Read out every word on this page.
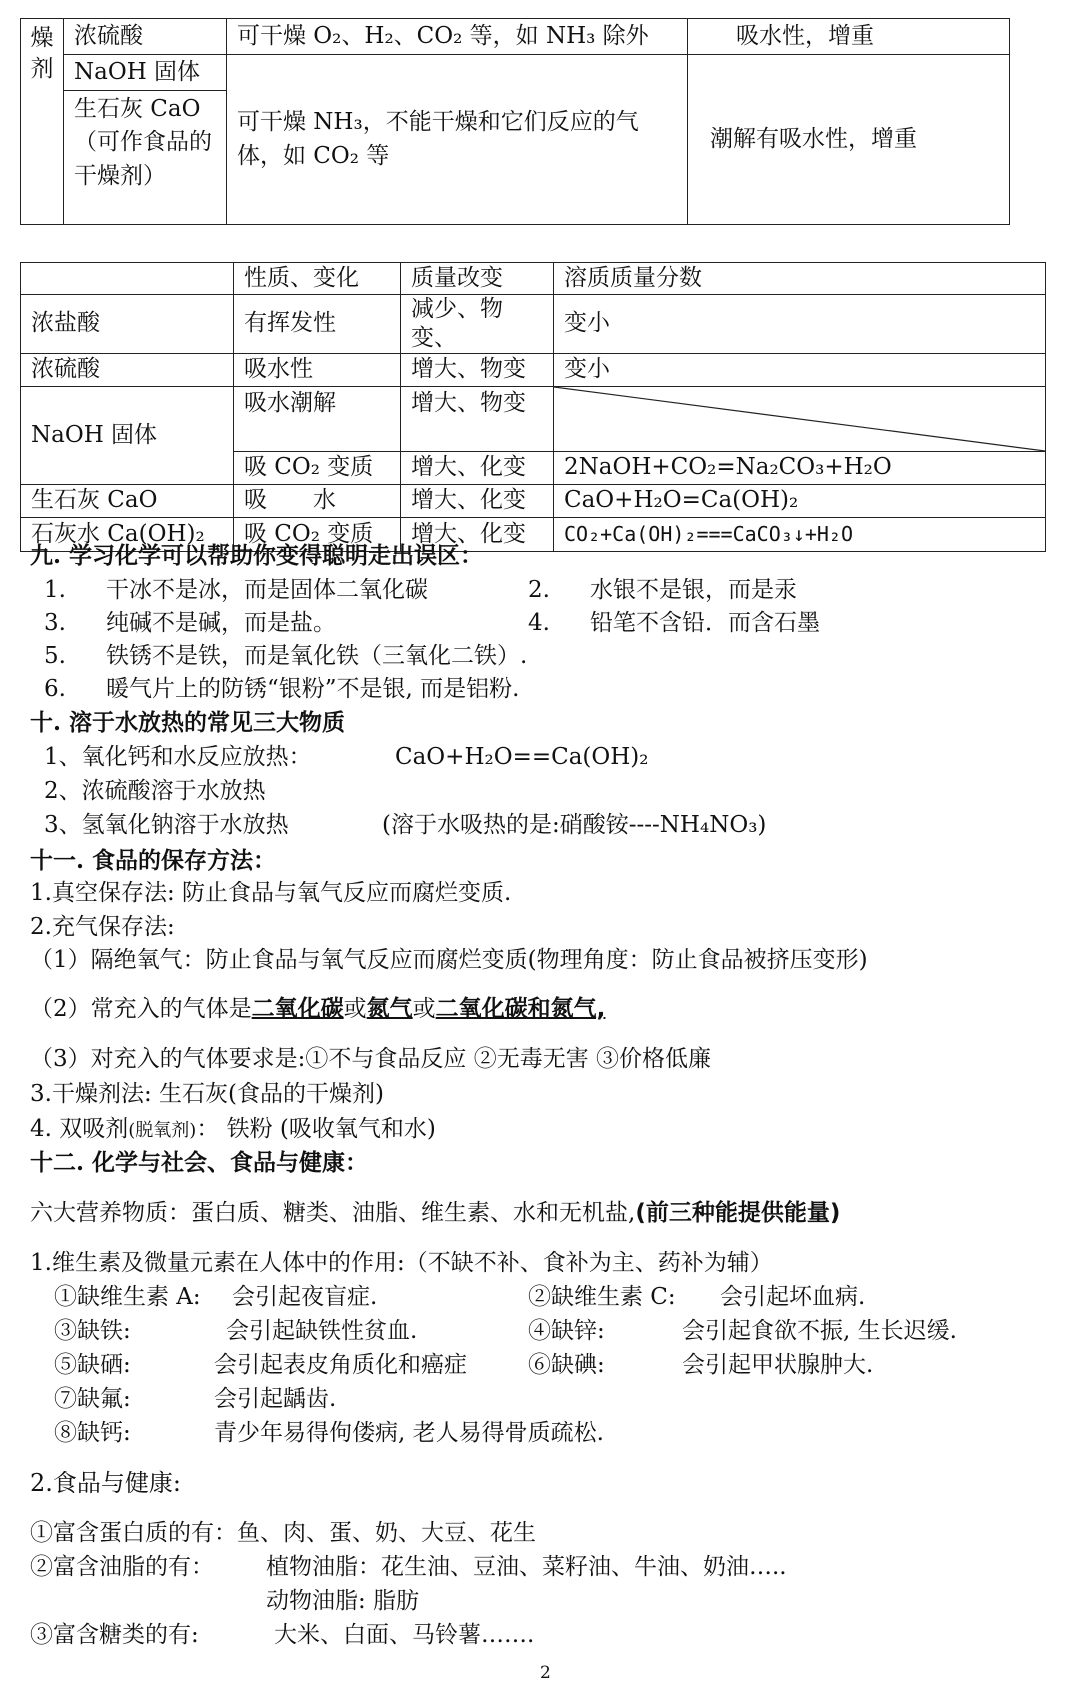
燥剂	浓硫酸	可干燥 O₂、H₂、CO₂ 等，如 NH₃ 除外	吸水性，增重
	NaOH 固体	可干燥 NH₃，不能干燥和它们反应的气体，如 CO₂ 等	潮解有吸水性，增重
	生石灰 CaO（可作食品的干燥剂）		
	性质、变化	质量改变	溶质质量分数
浓盐酸	有挥发性	减少、物变、	变小
浓硫酸	吸水性	增大、物变	变小
NaOH 固体	吸水潮解	增大、物变	

	吸 CO₂ 变质	增大、化变	2NaOH+CO₂=Na₂CO₃+H₂O
生石灰 CaO	吸　　水	增大、化变	CaO+H₂O=Ca(OH)₂
石灰水 Ca(OH)₂	吸 CO₂ 变质	增大、化变	CO₂+Ca(OH)₂===CaCO₃↓+H₂O
九. 学习化学可以帮助你变得聪明走出误区：
1. 干冰不是冰，而是固体二氧化碳	2. 水银不是银，而是汞
3. 纯碱不是碱，而是盐。	4. 铅笔不含铅．而含石墨
5. 铁锈不是铁，而是氧化铁（三氧化二铁）.
6. 暖气片上的防锈“银粉”不是银, 而是铝粉.
十. 溶于水放热的常见三大物质
1、氧化钙和水反应放热：	CaO+H₂O==Ca(OH)₂
2、浓硫酸溶于水放热
3、氢氧化钠溶于水放热	(溶于水吸热的是:硝酸铵----NH₄NO₃)
十一. 食品的保存方法：
1.真空保存法: 防止食品与氧气反应而腐烂变质.
2.充气保存法:
（1）隔绝氧气：防止食品与氧气反应而腐烂变质(物理角度：防止食品被挤压变形)
（2）常充入的气体是二氧化碳或氮气或二氧化碳和氮气,
（3）对充入的气体要求是:①不与食品反应 ②无毒无害 ③价格低廉
3.干燥剂法: 生石灰(食品的干燥剂)
4. 双吸剂(脱氧剂)： 铁粉 (吸收氧气和水)
十二. 化学与社会、食品与健康：
六大营养物质：蛋白质、糖类、油脂、维生素、水和无机盐,(前三种能提供能量)
1.维生素及微量元素在人体中的作用:（不缺不补、食补为主、药补为辅）
①缺维生素 A: 会引起夜盲症.	②缺维生素 C: 会引起坏血病.
③缺铁:	会引起缺铁性贫血.	④缺锌:	会引起食欲不振, 生长迟缓.
⑤缺硒:	会引起表皮角质化和癌症	⑥缺碘:	会引起甲状腺肿大.
⑦缺氟:	会引起龋齿.
⑧缺钙:	青少年易得佝偻病, 老人易得骨质疏松.
2.食品与健康:
①富含蛋白质的有：鱼、肉、蛋、奶、大豆、花生
②富含油脂的有： 植物油脂：花生油、豆油、菜籽油、牛油、奶油…..
动物油脂: 脂肪
③富含糖类的有:	大米、白面、马铃薯…….
2
